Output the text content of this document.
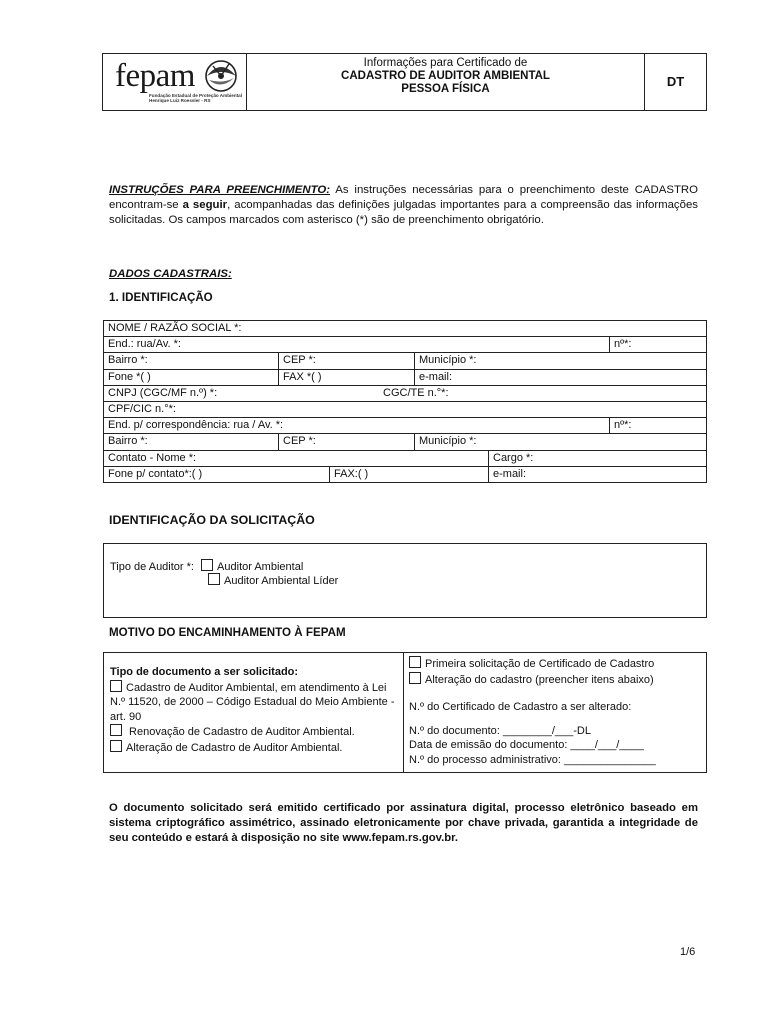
fepam
Fundação Estadual de Proteção Ambiental
Henrique Luiz Roessler - RS
Informações para Certificado de
CADASTRO DE AUDITOR AMBIENTAL
PESSOA FÍSICA	DT
INSTRUÇÕES PARA PREENCHIMENTO: As instruções necessárias para o preenchimento deste CADASTRO encontram-se a seguir, acompanhadas das definições julgadas importantes para a compreensão das informações solicitadas. Os campos marcados com asterisco (*) são de preenchimento obrigatório.
DADOS CADASTRAIS:
1. IDENTIFICAÇÃO
NOME / RAZÃO SOCIAL *:
End.: rua/Av. *:	nº*:
Bairro *:	CEP *:	Município *:
Fone *( )	FAX *( )	e-mail:
CNPJ (CGC/MF n.º) *:	CGC/TE n.°*:
CPF/CIC n.°*:
End. p/ correspondência: rua / Av. *:	nº*:
Bairro *:	CEP *:	Município *:
Contato - Nome *:	Cargo *:
Fone p/ contato*:( )	FAX:( )	e-mail:
IDENTIFICAÇÃO DA SOLICITAÇÃO
Tipo de Auditor *: Auditor Ambiental
Auditor Ambiental Líder
MOTIVO DO ENCAMINHAMENTO À FEPAM
Tipo de documento a ser solicitado:
Cadastro de Auditor Ambiental, em atendimento à Lei N.º 11520, de 2000 – Código Estadual do Meio Ambiente - art. 90
Renovação de Cadastro de Auditor Ambiental.
Alteração de Cadastro de Auditor Ambiental.
Primeira solicitação de Certificado de Cadastro
Alteração do cadastro (preencher itens abaixo)
N.º do Certificado de Cadastro a ser alterado:
N.º do documento: ________/___-DL
Data de emissão do documento: ____/___/____
N.º do processo administrativo: _______________
O documento solicitado será emitido certificado por assinatura digital, processo eletrônico baseado em sistema criptográfico assimétrico, assinado eletronicamente por chave privada, garantida a integridade de seu conteúdo e estará à disposição no site www.fepam.rs.gov.br.
1/6
